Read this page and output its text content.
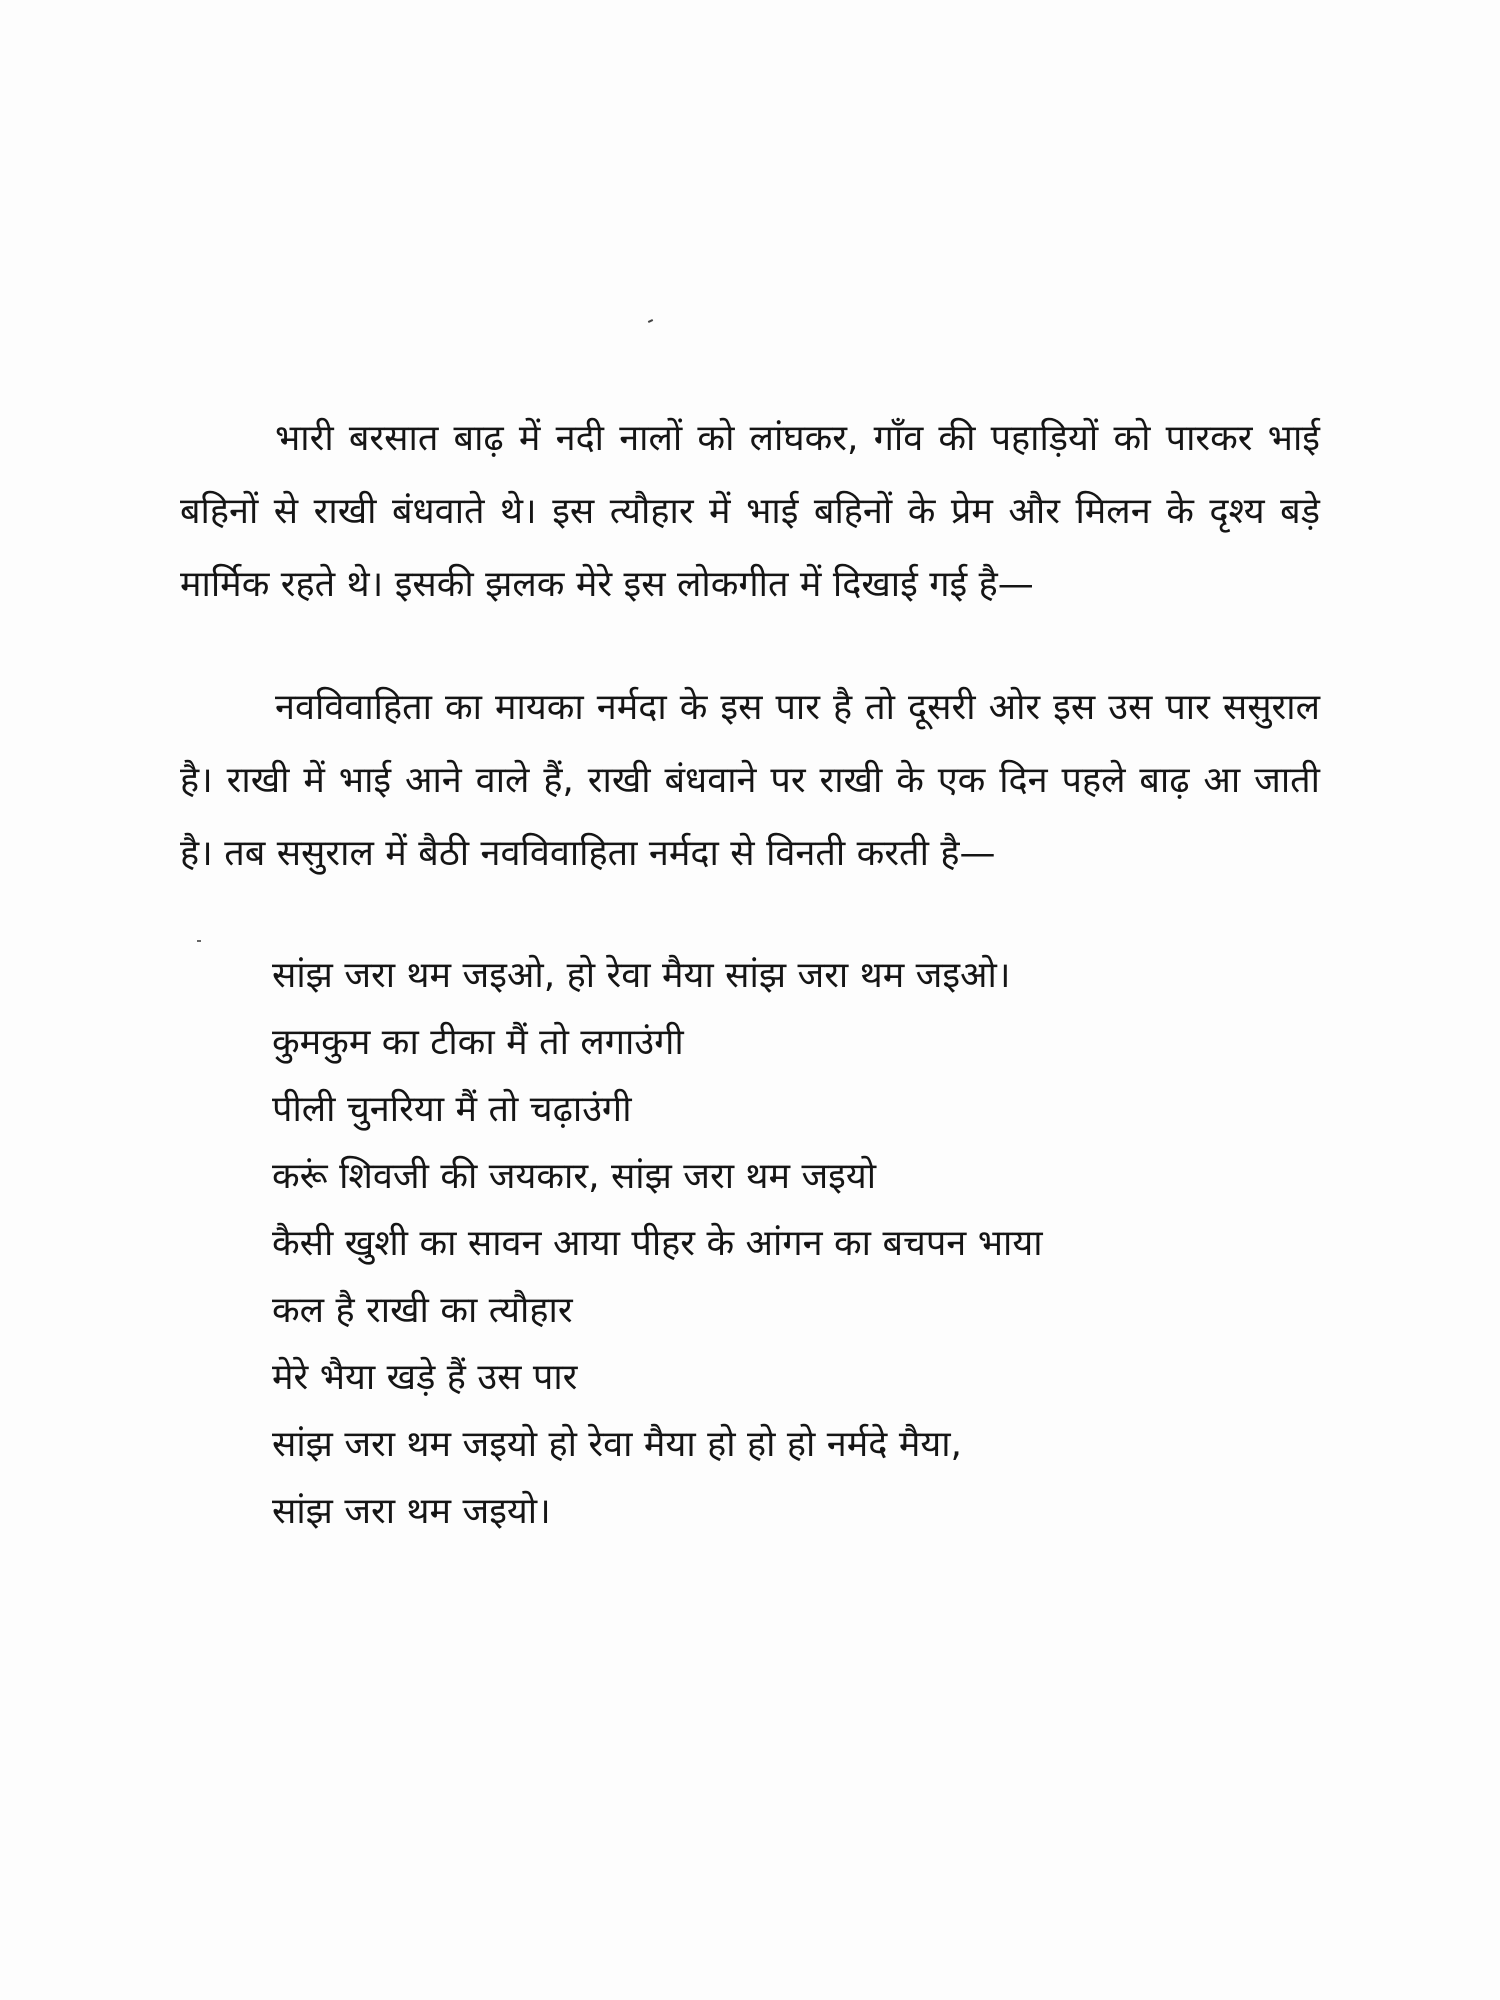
भारी बरसात बाढ़ में नदी नालों को लांघकर, गाँव की पहाड़ियों को पारकर भाई बहिनों से राखी बंधवाते थे। इस त्यौहार में भाई बहिनों के प्रेम और मिलन के दृश्य बड़े मार्मिक रहते थे। इसकी झलक मेरे इस लोकगीत में दिखाई गई है—

नवविवाहिता का मायका नर्मदा के इस पार है तो दूसरी ओर इस उस पार ससुराल है। राखी में भाई आने वाले हैं, राखी बंधवाने पर राखी के एक दिन पहले बाढ़ आ जाती है। तब ससुराल में बैठी नवविवाहिता नर्मदा से विनती करती है—

सांझ जरा थम जइओ, हो रेवा मैया सांझ जरा थम जइओ।
कुमकुम का टीका मैं तो लगाउंगी
पीली चुनरिया मैं तो चढ़ाउंगी
करूं शिवजी की जयकार, सांझ जरा थम जइयो
कैसी खुशी का सावन आया पीहर के आंगन का बचपन भाया
कल है राखी का त्यौहार
मेरे भैया खड़े हैं उस पार
सांझ जरा थम जइयो हो रेवा मैया हो हो हो नर्मदे मैया,
सांझ जरा थम जइयो।
